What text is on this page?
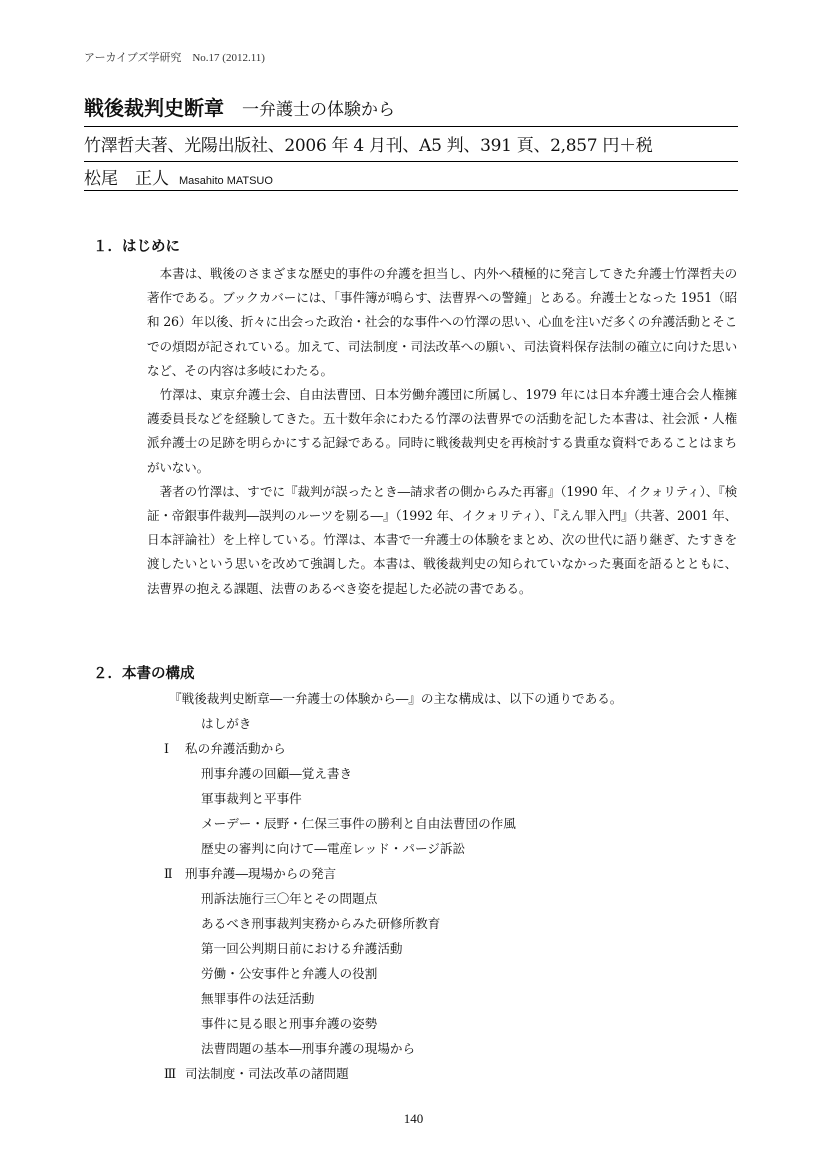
アーカイブズ学研究　No.17 (2012.11)
戦後裁判史断章 一弁護士の体験から
竹澤哲夫著、光陽出版社、2006 年 4 月刊、A5 判、391 頁、2,857 円＋税
松尾　正人 Masahito MATSUO
１．はじめに

本書は、戦後のさまざまな歴史的事件の弁護を担当し、内外へ積極的に発言してきた弁護士竹澤哲夫の著作である。ブックカバーには、「事件簿が鳴らす、法曹界への警鐘」とある。弁護士となった 1951（昭和 26）年以後、折々に出会った政治・社会的な事件への竹澤の思い、心血を注いだ多くの弁護活動とそこでの煩悶が記されている。加えて、司法制度・司法改革への願い、司法資料保存法制の確立に向けた思いなど、その内容は多岐にわたる。

竹澤は、東京弁護士会、自由法曹団、日本労働弁護団に所属し、1979 年には日本弁護士連合会人権擁護委員長などを経験してきた。五十数年余にわたる竹澤の法曹界での活動を記した本書は、社会派・人権派弁護士の足跡を明らかにする記録である。同時に戦後裁判史を再検討する貴重な資料であることはまちがいない。

著者の竹澤は、すでに『裁判が誤ったとき―請求者の側からみた再審』（1990 年、イクォリティ）、『検証・帝銀事件裁判―誤判のルーツを剔る―』（1992 年、イクォリティ）、『えん罪入門』（共著、2001 年、日本評論社）を上梓している。竹澤は、本書で一弁護士の体験をまとめ、次の世代に語り継ぎ、たすきを渡したいという思いを改めて強調した。本書は、戦後裁判史の知られていなかった裏面を語るとともに、法曹界の抱える課題、法曹のあるべき姿を提起した必読の書である。

２．本書の構成
『戦後裁判史断章―一弁護士の体験から―』の主な構成は、以下の通りである。
はしがき
Ⅰ 私の弁護活動から
刑事弁護の回顧―覚え書き
軍事裁判と平事件
メーデー・辰野・仁保三事件の勝利と自由法曹団の作風
歴史の審判に向けて―電産レッド・パージ訴訟
Ⅱ 刑事弁護―現場からの発言
刑訴法施行三〇年とその問題点
あるべき刑事裁判実務からみた研修所教育
第一回公判期日前における弁護活動
労働・公安事件と弁護人の役割
無罪事件の法廷活動
事件に見る眼と刑事弁護の姿勢
法曹問題の基本―刑事弁護の現場から
Ⅲ 司法制度・司法改革の諸問題
140
